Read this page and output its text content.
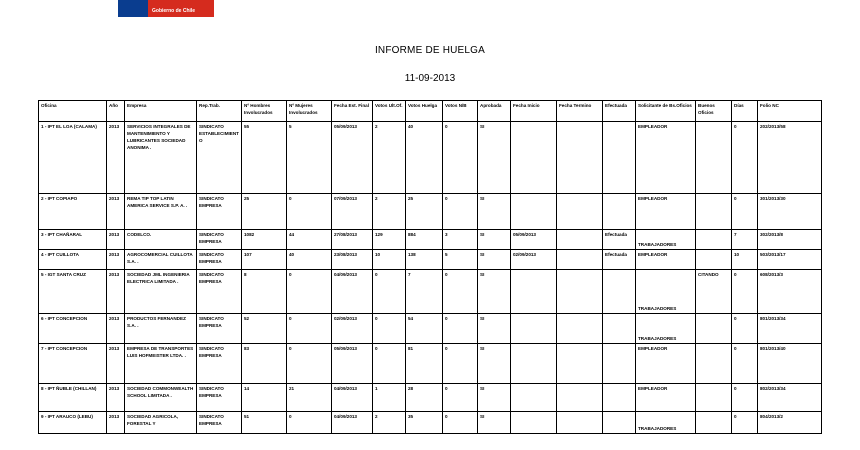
Gobierno de Chile
INFORME DE HUELGA
11-09-2013
Oficina	Año	Empresa	Rep.Trab.	Nº Hombres Involucrados	Nº Mujeres Involucrados	Fecha Est. Final	Votos Ult.Of.	Votos Huelga	Votos N/B	Aprobada	Fecha Inicio	Fecha Termino	Efectuada	Solicitante de Bs.Oficios	Buenos Oficios	Días	Folio NC
1 - IPT EL LOA (CALAMA)	2013	SERVICIOS INTEGRALES DE MANTENIMIENTO Y LUBRICANTES SOCIEDAD ANONIMA .	SINDICATO ESTABLECIMIENTO	55	5	05/09/2013	2	40	0	SI				EMPLEADOR		0	202/2013/58
2 - IPT COPIAPO	2013	REMA TIP TOP LATIN AMERICA SERVICE S.P. A. .	SINDICATO EMPRESA	25	0	07/09/2013	2	25	0	SI				EMPLEADOR		0	301/2013/30
3 - IPT CHAÑARAL	2013	CODELCO.	SINDICATO EMPRESA	1082	44	27/08/2013	129	884	3	SI	05/09/2013		Efectuada	TRABAJADORES		7	302/2013/8
4 - IPT CUILLOTA	2013	AGROCOMERCIAL CUILLOTA S.A. .	SINDICATO EMPRESA	107	40	23/08/2013	10	138	5	SI	02/09/2013		Efectuada	EMPLEADOR		10	503/2013/17
5 - IGT SANTA CRUZ	2013	SOCIEDAD JML INGENIERIA ELECTRICA LIMITADA .	SINDICATO EMPRESA	8	0	04/09/2013	0	7	0	SI				TRABAJADORES	CITANDO	0	608/2013/3
6 - IPT CONCEPCION	2013	PRODUCTOS FERNANDEZ S.A. .	SINDICATO EMPRESA	52	0	02/09/2013	0	54	0	SI				TRABAJADORES		0	801/2013/34
7 - IPT CONCEPCION	2013	EMPRESA DE TRANSPORTES LUIS HOFMEISTER LTDA. .	SINDICATO EMPRESA	83	0	05/09/2013	0	81	0	SI				EMPLEADOR		0	801/2013/40
8 - IPT ÑUBLE (CHILLAN)	2013	SOCIEDAD COMMONWEALTH SCHOOL LIMITADA .	SINDICATO EMPRESA	14	21	04/09/2013	1	28	0	SI				EMPLEADOR		0	802/2013/34
9 - IPT ARAUCO (LEBU)	2013	SOCIEDAD AGRICOLA, FORESTAL Y	SINDICATO EMPRESA	51	0	04/09/2013	2	35	0	SI				TRABAJADORES		0	804/2013/2
